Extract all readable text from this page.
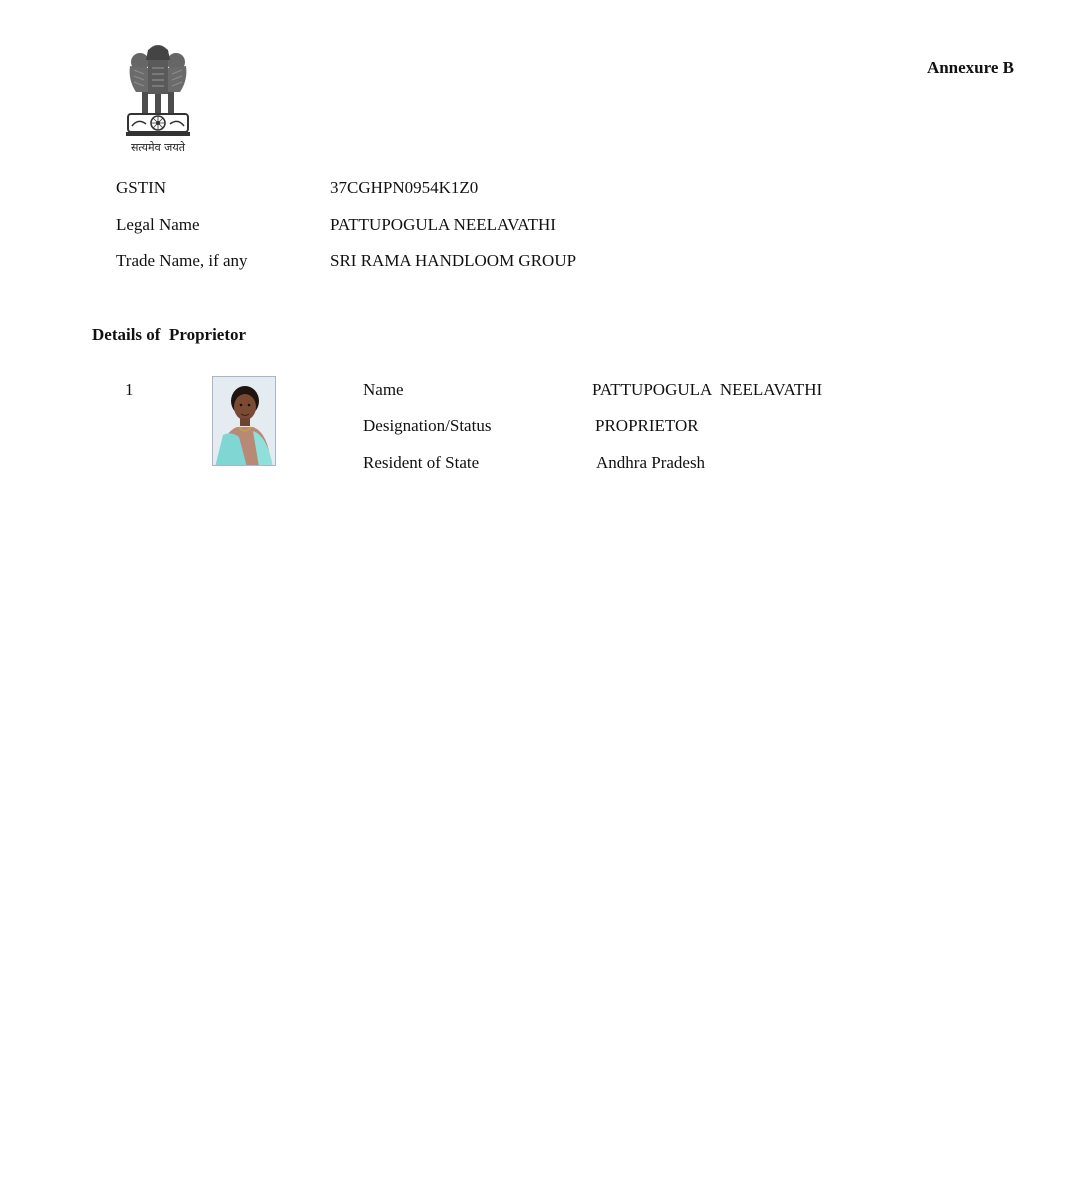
सत्यमेव जयते
Annexure B
GSTIN	37CGHPN0954K1Z0
Legal Name	PATTUPOGULA NEELAVATHI
Trade Name, if any	SRI RAMA HANDLOOM GROUP
Details of  Proprietor
1	Name	PATTUPOGULA  NEELAVATHI
Designation/Status	PROPRIETOR
Resident of State	Andhra Pradesh
